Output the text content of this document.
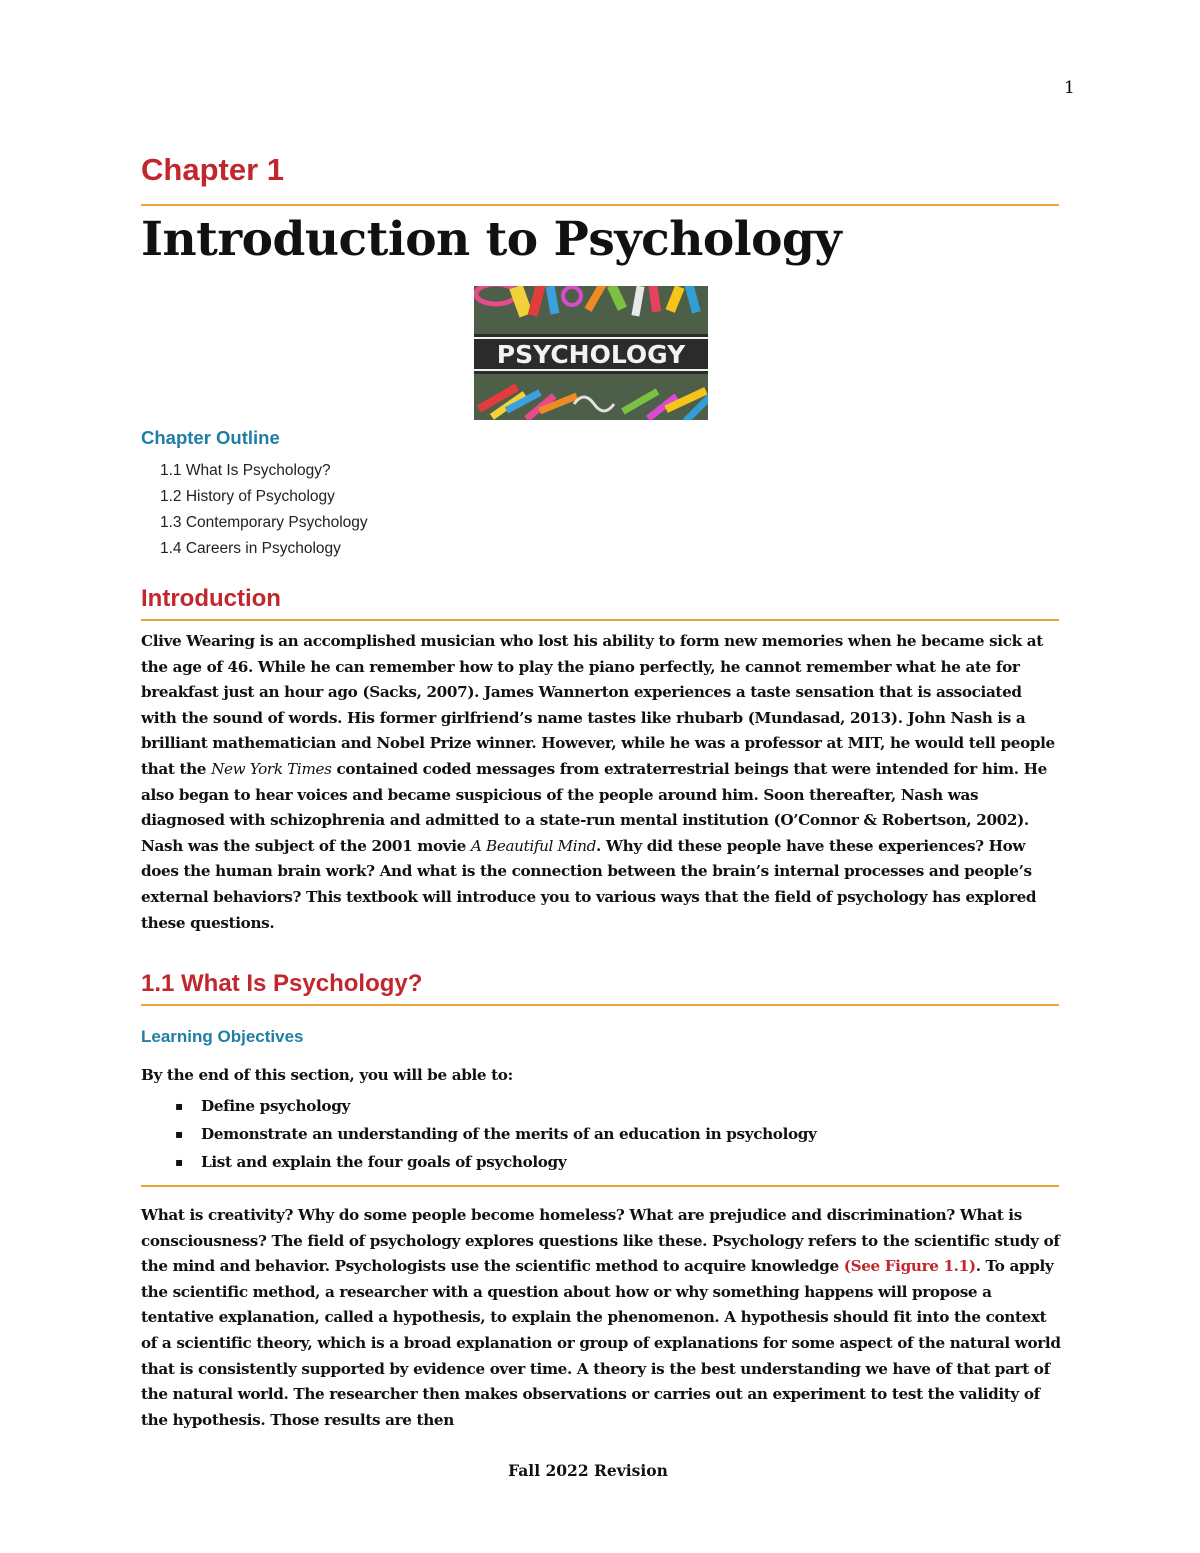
1
Chapter 1
Introduction to Psychology
PSYCHOLOGY
Chapter Outline
1.1 What Is Psychology?
1.2 History of Psychology
1.3 Contemporary Psychology
1.4 Careers in Psychology
Introduction

Clive Wearing is an accomplished musician who lost his ability to form new memories when he became sick at the age of 46. While he can remember how to play the piano perfectly, he cannot remember what he ate for breakfast just an hour ago (Sacks, 2007). James Wannerton experiences a taste sensation that is associated with the sound of words. His former girlfriend’s name tastes like rhubarb (Mundasad, 2013). John Nash is a brilliant mathematician and Nobel Prize winner. However, while he was a professor at MIT, he would tell people that the New York Times contained coded messages from extraterrestrial beings that were intended for him. He also began to hear voices and became suspicious of the people around him. Soon thereafter, Nash was diagnosed with schizophrenia and admitted to a state-run mental institution (O’Connor & Robertson, 2002). Nash was the subject of the 2001 movie A Beautiful Mind. Why did these people have these experiences? How does the human brain work? And what is the connection between the brain’s internal processes and people’s external behaviors? This textbook will introduce you to various ways that the field of psychology has explored these questions.

1.1 What Is Psychology?
Learning Objectives

By the end of this section, you will be able to:

▪ Define psychology
▪ Demonstrate an understanding of the merits of an education in psychology
▪ List and explain the four goals of psychology

What is creativity? Why do some people become homeless? What are prejudice and discrimination? What is consciousness? The field of psychology explores questions like these. Psychology refers to the scientific study of the mind and behavior. Psychologists use the scientific method to acquire knowledge (See Figure 1.1). To apply the scientific method, a researcher with a question about how or why something happens will propose a tentative explanation, called a hypothesis, to explain the phenomenon. A hypothesis should fit into the context of a scientific theory, which is a broad explanation or group of explanations for some aspect of the natural world that is consistently supported by evidence over time. A theory is the best understanding we have of that part of the natural world. The researcher then makes observations or carries out an experiment to test the validity of the hypothesis. Those results are then

Fall 2022 Revision
